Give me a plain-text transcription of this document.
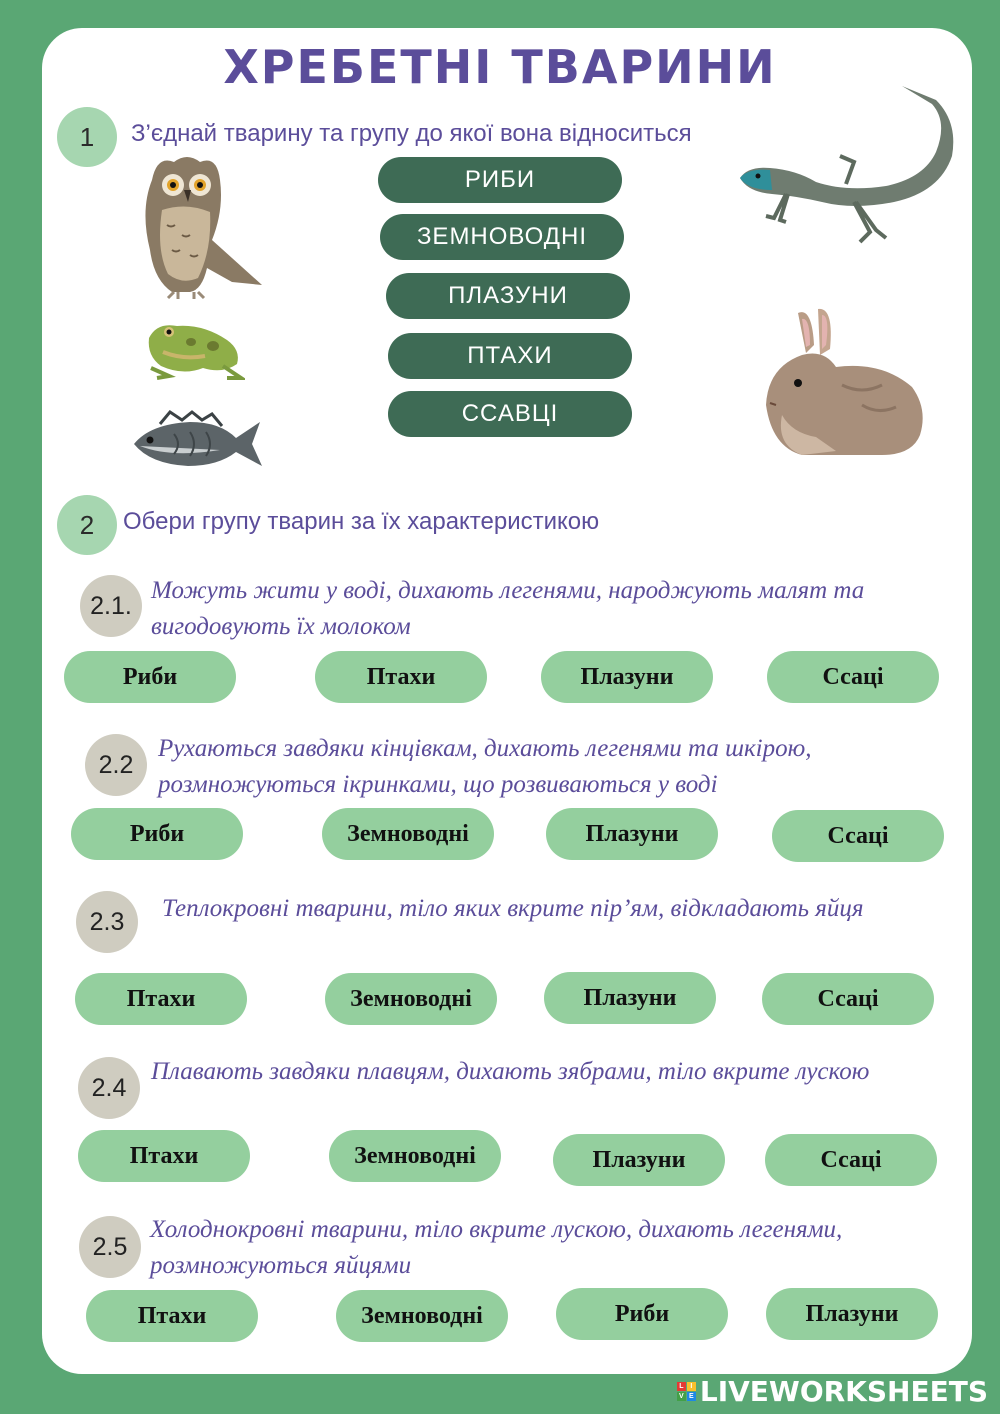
ХРЕБЕТНІ ТВАРИНИ
1	З’єднай тварину та групу до якої вона відноситься
РИБИ
ЗЕМНОВОДНІ
ПЛАЗУНИ
ПТАХИ
ССАВЦІ
2	Обери групу тварин за їх характеристикою
2.1.
Можуть жити у воді, дихають легенями, народжують малят та вигодовують їх молоком
Риби	Птахи	Плазуни	Ссаці
2.2
Рухаються завдяки кінцівкам, дихають легенями та шкірою, розмножуються ікринками, що розвиваються у воді
Риби	Земноводні	Плазуни	Ссаці
2.3	Теплокровні тварини, тіло яких вкрите пір’ям, відкладають яйця
Птахи	Земноводні	Плазуни	Ссаці
2.4
Плавають завдяки плавцям, дихають зябрами, тіло вкрите лускою
Птахи	Земноводні	Плазуни	Ссаці
2.5
Холоднокровні тварини, тіло вкрите лускою, дихають легенями, розмножуютьcя яйцями
Птахи	Земноводні	Риби	Плазуни
L I
V E LIVEWORKSHEETS
